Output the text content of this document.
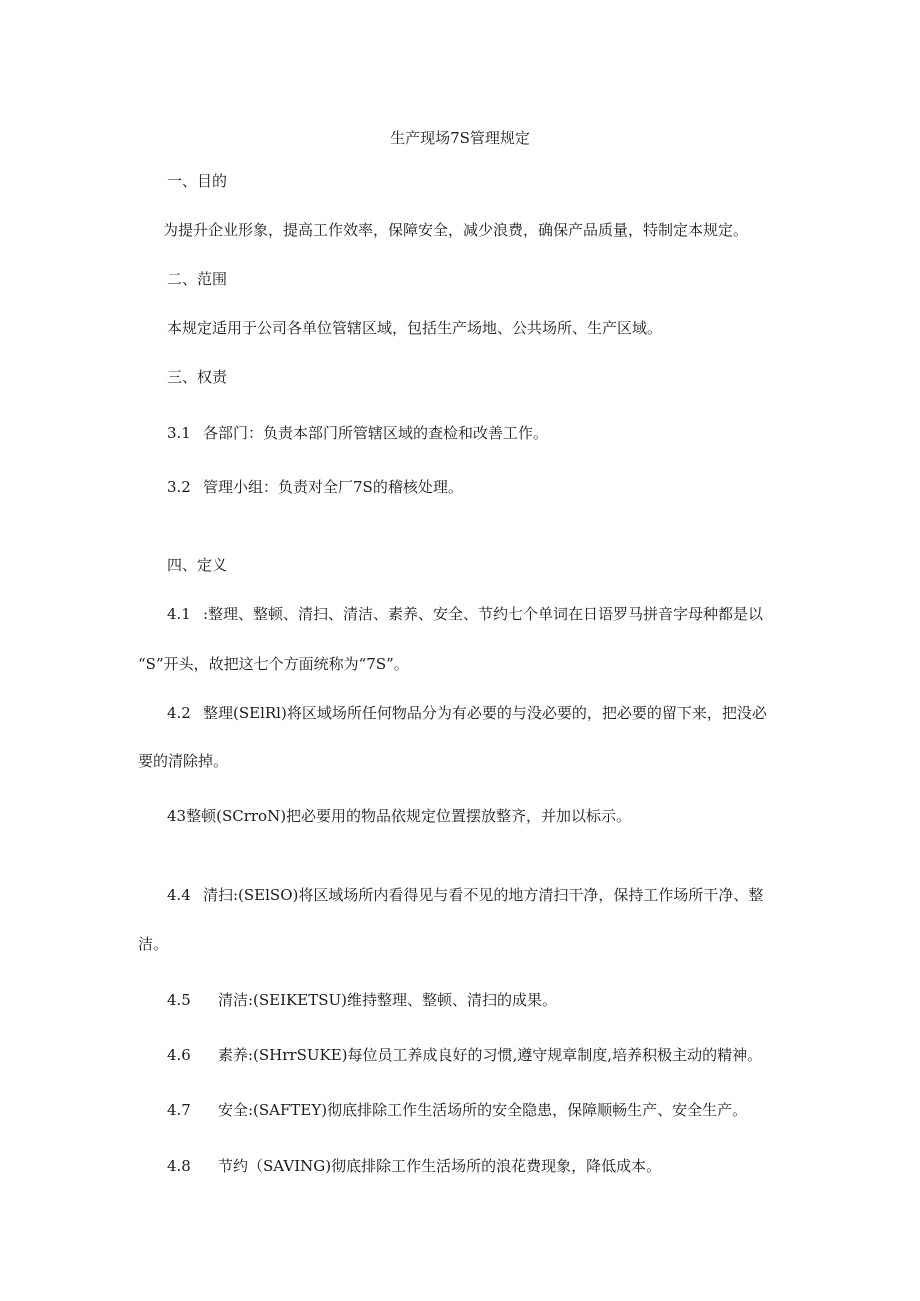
生产现场7S管理规定
一、目的
为提升企业形象，提高工作效率，保障安全，减少浪费，确保产品质量，特制定本规定。
二、范围
本规定适用于公司各单位管辖区域，包括生产场地、公共场所、生产区域。
三、权责
3.1 各部门：负责本部门所管辖区域的查检和改善工作。
3.2 管理小组：负责对全厂7S的稽核处理。
四、定义
4.1 :整理、整顿、清扫、清洁、素养、安全、节约七个单词在日语罗马拼音字母种都是以
“S”开头，故把这七个方面统称为“7S”。
4.2 整理(SElRl)将区域场所任何物品分为有必要的与没必要的，把必要的留下来，把没必
要的清除掉。
43整顿(SCrroN)把必要用的物品依规定位置摆放整齐，并加以标示。
4.4 清扫:(SElSO)将区域场所内看得见与看不见的地方清扫干净，保持工作场所干净、整
洁。
4.5 清洁:(SEIKETSU)维持整理、整顿、清扫的成果。
4.6 素养:(SHrrSUKE)每位员工养成良好的习惯,遵守规章制度,培养积极主动的精神。
4.7 安全:(SAFTEY)彻底排除工作生活场所的安全隐患，保障顺畅生产、安全生产。
4.8 节约（SAVING)彻底排除工作生活场所的浪花费现象，降低成本。
